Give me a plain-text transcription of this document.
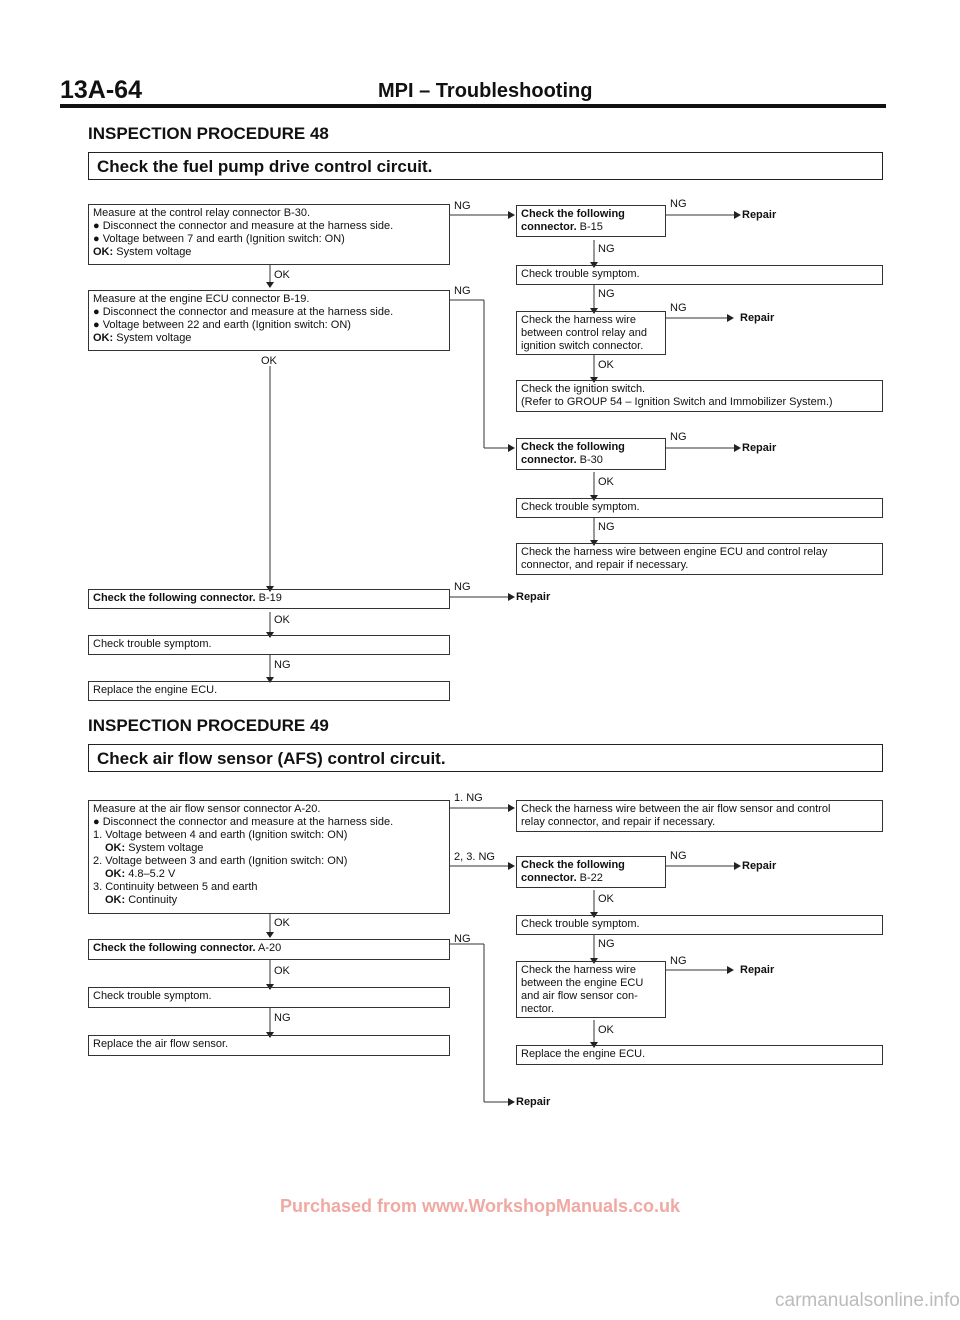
13A-64	MPI – Troubleshooting
INSPECTION PROCEDURE 48
Check the fuel pump drive control circuit.
Measure at the control relay connector B-30.
● Disconnect the connector and measure at the harness side.
● Voltage between 7 and earth (Ignition switch: ON)
OK: System voltage
OK
NG
Measure at the engine ECU connector B-19.
● Disconnect the connector and measure at the harness side.
● Voltage between 22 and earth (Ignition switch: ON)
OK: System voltage
OK
NG
Check the following connector. B-19
NG
Repair
OK
Check trouble symptom.
NG
Replace the engine ECU.
Check the following
connector. B-15
NG
Repair
NG
Check trouble symptom.
NG
Check the harness wire
between control relay and
ignition switch connector.
NG
Repair
OK
Check the ignition switch.
(Refer to GROUP 54 – Ignition Switch and Immobilizer System.)
Check the following
connector. B-30
NG
Repair
OK
Check trouble symptom.
NG
Check the harness wire between engine ECU and control relay
connector, and repair if necessary.
INSPECTION PROCEDURE 49
Check air flow sensor (AFS) control circuit.
Measure at the air flow sensor connector A-20.
● Disconnect the connector and measure at the harness side.
1. Voltage between 4 and earth (Ignition switch: ON)
OK: System voltage
2. Voltage between 3 and earth (Ignition switch: ON)
OK: 4.8–5.2 V
3. Continuity between 5 and earth
OK: Continuity
1. NG
2, 3. NG
OK
Check the following connector. A-20
NG
OK
Check trouble symptom.
NG
Replace the air flow sensor.
Check the harness wire between the air flow sensor and control
relay connector, and repair if necessary.
Check the following
connector. B-22
NG
Repair
OK
Check trouble symptom.
NG
Check the harness wire
between the engine ECU
and air flow sensor con-
nector.
NG
Repair
OK
Replace the engine ECU.
Repair
Purchased from www.WorkshopManuals.co.uk
carmanualsonline.info
